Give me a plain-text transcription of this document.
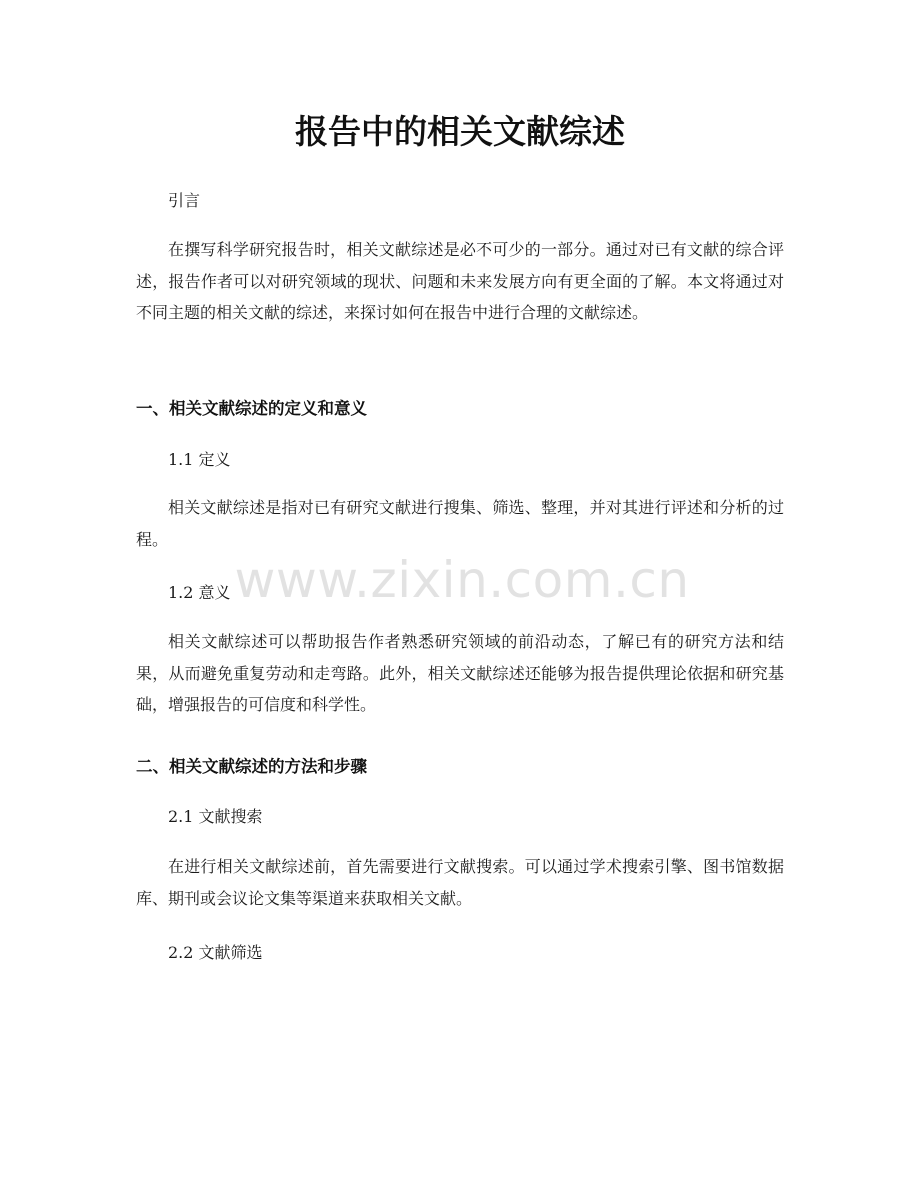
报告中的相关文献综述

引言

在撰写科学研究报告时，相关文献综述是必不可少的一部分。通过对已有文献的综合评述，报告作者可以对研究领域的现状、问题和未来发展方向有更全面的了解。本文将通过对不同主题的相关文献的综述，来探讨如何在报告中进行合理的文献综述。

一、相关文献综述的定义和意义

1.1 定义

相关文献综述是指对已有研究文献进行搜集、筛选、整理，并对其进行评述和分析的过程。

1.2 意义

相关文献综述可以帮助报告作者熟悉研究领域的前沿动态，了解已有的研究方法和结果，从而避免重复劳动和走弯路。此外，相关文献综述还能够为报告提供理论依据和研究基础，增强报告的可信度和科学性。

二、相关文献综述的方法和步骤

2.1 文献搜索

在进行相关文献综述前，首先需要进行文献搜索。可以通过学术搜索引擎、图书馆数据库、期刊或会议论文集等渠道来获取相关文献。

2.2 文献筛选

www.zixin.com.cn
